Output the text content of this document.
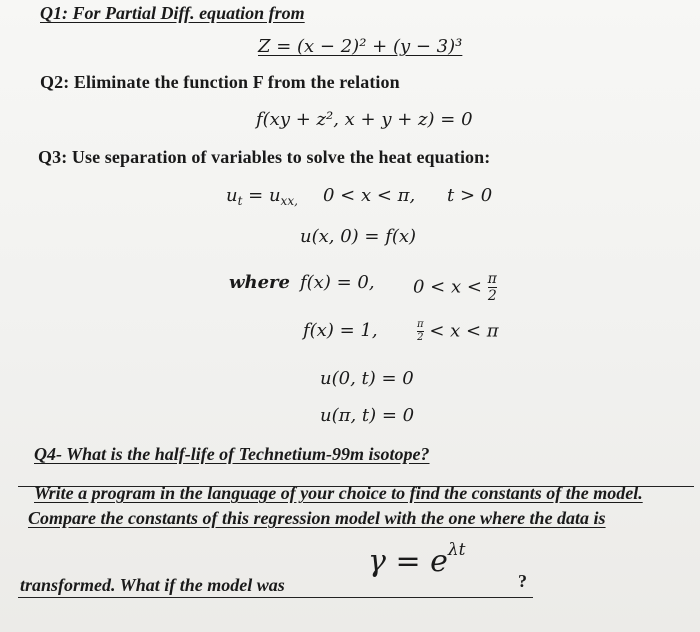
Q1: For Partial Diff. equation from
Z = (x − 2)² + (y − 3)³
Q2: Eliminate the function F from the relation
f(xy + z², x + y + z) = 0
Q3: Use separation of variables to solve the heat equation:
$u_t = u_{xx,}$ 0 < x < π, t > 0
u(x, 0) = f(x)
where f(x) = 0, $0 < x < \frac{\pi}{2}$
f(x) = 1,	$\frac{\pi}{2} < x < \pi$
u(0, t) = 0
u(π, t) = 0
Q4- What is the half-life of Technetium-99m isotope?
Write a program in the language of your choice to find the constants of the model.
Compare the constants of this regression model with the one where the data is
transformed. What if the model was
$\gamma = e^{\lambda t}$
?
